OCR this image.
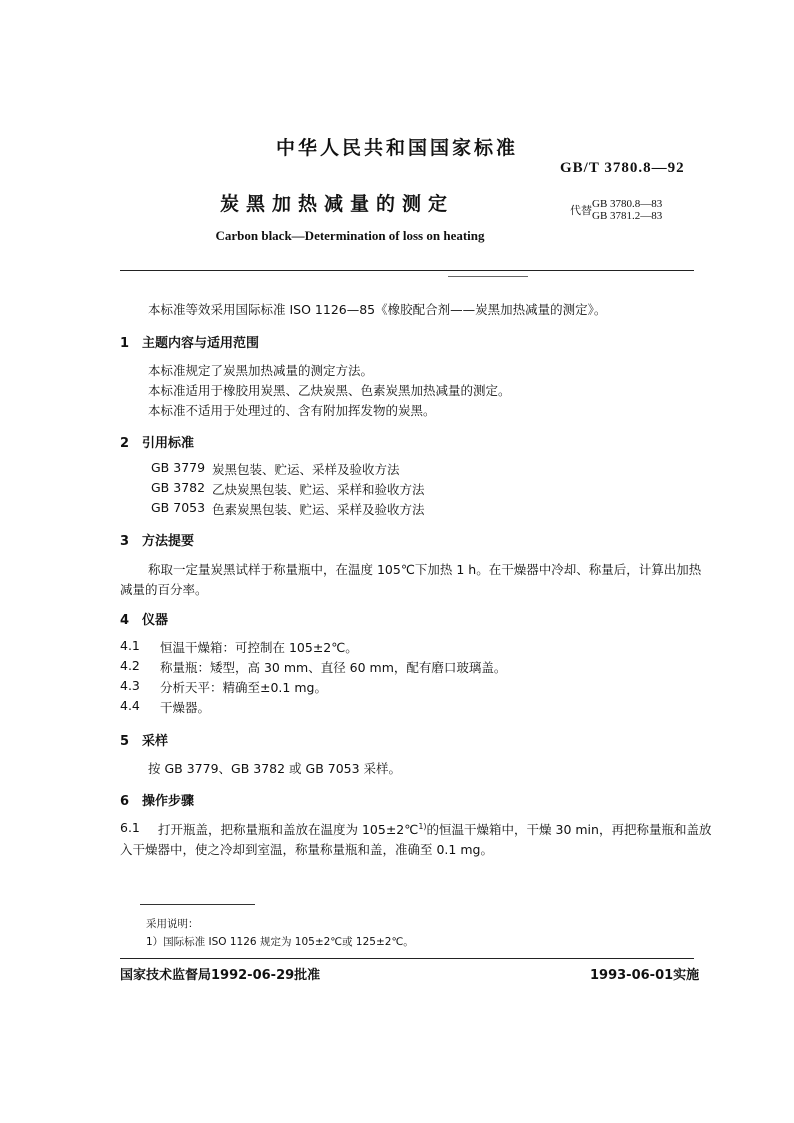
中华人民共和国国家标准
GB/T 3780.8—92
炭黑加热减量的测定	代替GB 3780.8—83
GB 3781.2—83
Carbon black—Determination of loss on heating
本标准等效采用国际标准 ISO 1126—85《橡胶配合剂——炭黑加热减量的测定》。
1　主题内容与适用范围
本标准规定了炭黑加热减量的测定方法。
本标准适用于橡胶用炭黑、乙炔炭黑、色素炭黑加热减量的测定。
本标准不适用于处理过的、含有附加挥发物的炭黑。
2　引用标准
GB 3779 炭黑包装、贮运、采样及验收方法
GB 3782 乙炔炭黑包装、贮运、采样和验收方法
GB 7053 色素炭黑包装、贮运、采样及验收方法
3　方法提要
称取一定量炭黑试样于称量瓶中，在温度 105℃下加热 1 h。在干燥器中冷却、称量后，计算出加热
减量的百分率。
4　仪器
4.1 恒温干燥箱：可控制在 105±2℃。
4.2 称量瓶：矮型，高 30 mm、直径 60 mm，配有磨口玻璃盖。
4.3 分析天平：精确至±0.1 mg。
4.4 干燥器。
5　采样
按 GB 3779、GB 3782 或 GB 7053 采样。
6　操作步骤
6.1 打开瓶盖，把称量瓶和盖放在温度为 105±2℃$^{1)}$的恒温干燥箱中，干燥 30 min，再把称量瓶和盖放
入干燥器中，使之冷却到室温，称量称量瓶和盖，准确至 0.1 mg。
采用说明：
1）国际标准 ISO 1126 规定为 105±2℃或 125±2℃。
国家技术监督局1992-06-29批准	1993-06-01实施
